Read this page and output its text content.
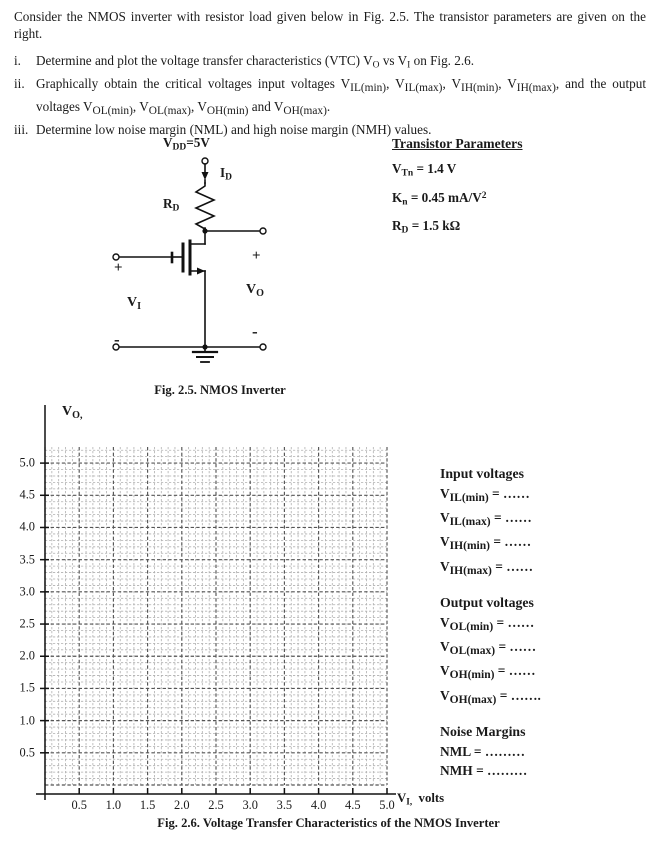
Consider the NMOS inverter with resistor load given below in Fig. 2.5. The transistor parameters are given on the right.
i.	Determine and plot the voltage transfer characteristics (VTC) $V_O$ vs $V_I$ on Fig. 2.6.
ii. Graphically obtain the critical voltages input voltages $V_{IL(min)}$, $V_{IL(max)}$, $V_{IH(min)}$, $V_{IH(max)}$, and the output voltages $V_{OL(min)}$, $V_{OL(max)}$, $V_{OH(min)}$ and $V_{OH(max)}$.
iii. Determine low noise margin (NML) and high noise margin (NMH) values.
Transistor Parameters
$V_{Tn} = 1.4$ V
$K_n = 0.45$ $mA/V^2$
$R_D = 1.5$ kΩ
$V_{DD}=5V$
$I_D$
$R_D$
+
-
$V_I$
+
-
$V_O$
Fig. 2.5. NMOS Inverter
$V_{O,}$
0.5
1.0
1.5
2.0
2.5
3.0
3.5
4.0
4.5
5.0
0.5	1.0	1.5	2.0	2.5	3.0	3.5	4.0	4.5	5.0 $V_{I,}$ volts
Fig. 2.6. Voltage Transfer Characteristics of the NMOS Inverter
Input voltages
$V_{IL(min)}$ = ……
$V_{IL(max)}$ = ……
$V_{IH(min)}$ = ……
$V_{IH(max)}$ = ……
Output voltages
$V_{OL(min)}$ = ……
$V_{OL(max)}$ = ……
$V_{OH(min)}$ = ……
$V_{OH(max)}$ = …….
Noise Margins
NML = ………
NMH = ………
